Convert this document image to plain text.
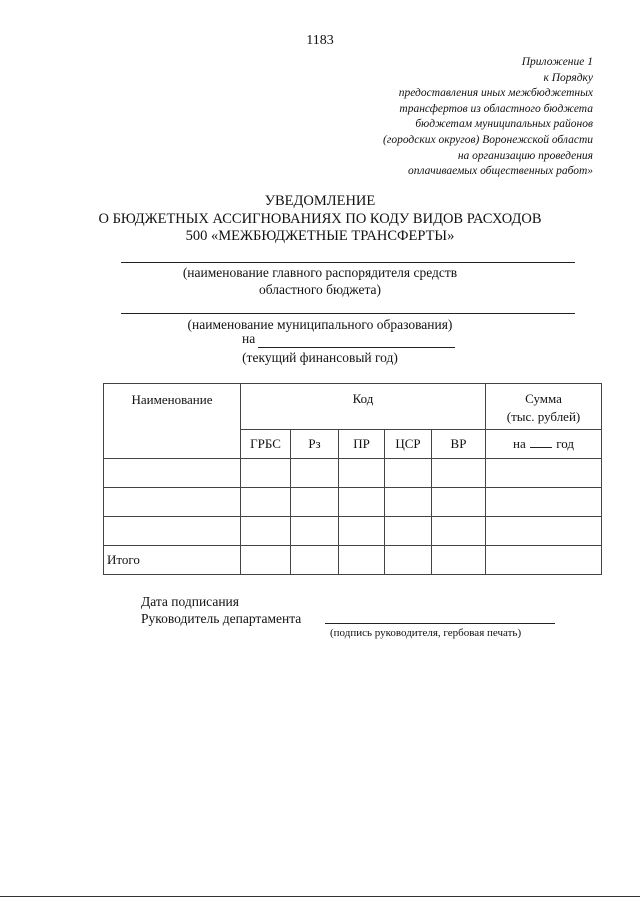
1183
Приложение 1
к Порядку
предоставления иных межбюджетных
трансфертов из областного бюджета
бюджетам муниципальных районов
(городских округов) Воронежской области
на организацию проведения
оплачиваемых общественных работ»
УВЕДОМЛЕНИЕ
О БЮДЖЕТНЫХ АССИГНОВАНИЯХ ПО КОДУ ВИДОВ РАСХОДОВ
500 «МЕЖБЮДЖЕТНЫЕ ТРАНСФЕРТЫ»
(наименование главного распорядителя средств
областного бюджета)
(наименование муниципального образования)
на
(текущий финансовый год)
Наименование	Код					Сумма
(тыс. рублей)

	ГРБС	Рз	ПР	ЦСР	ВР	на год

Итого						
Дата подписания
Руководитель департамента
(подпись руководителя, гербовая печать)
